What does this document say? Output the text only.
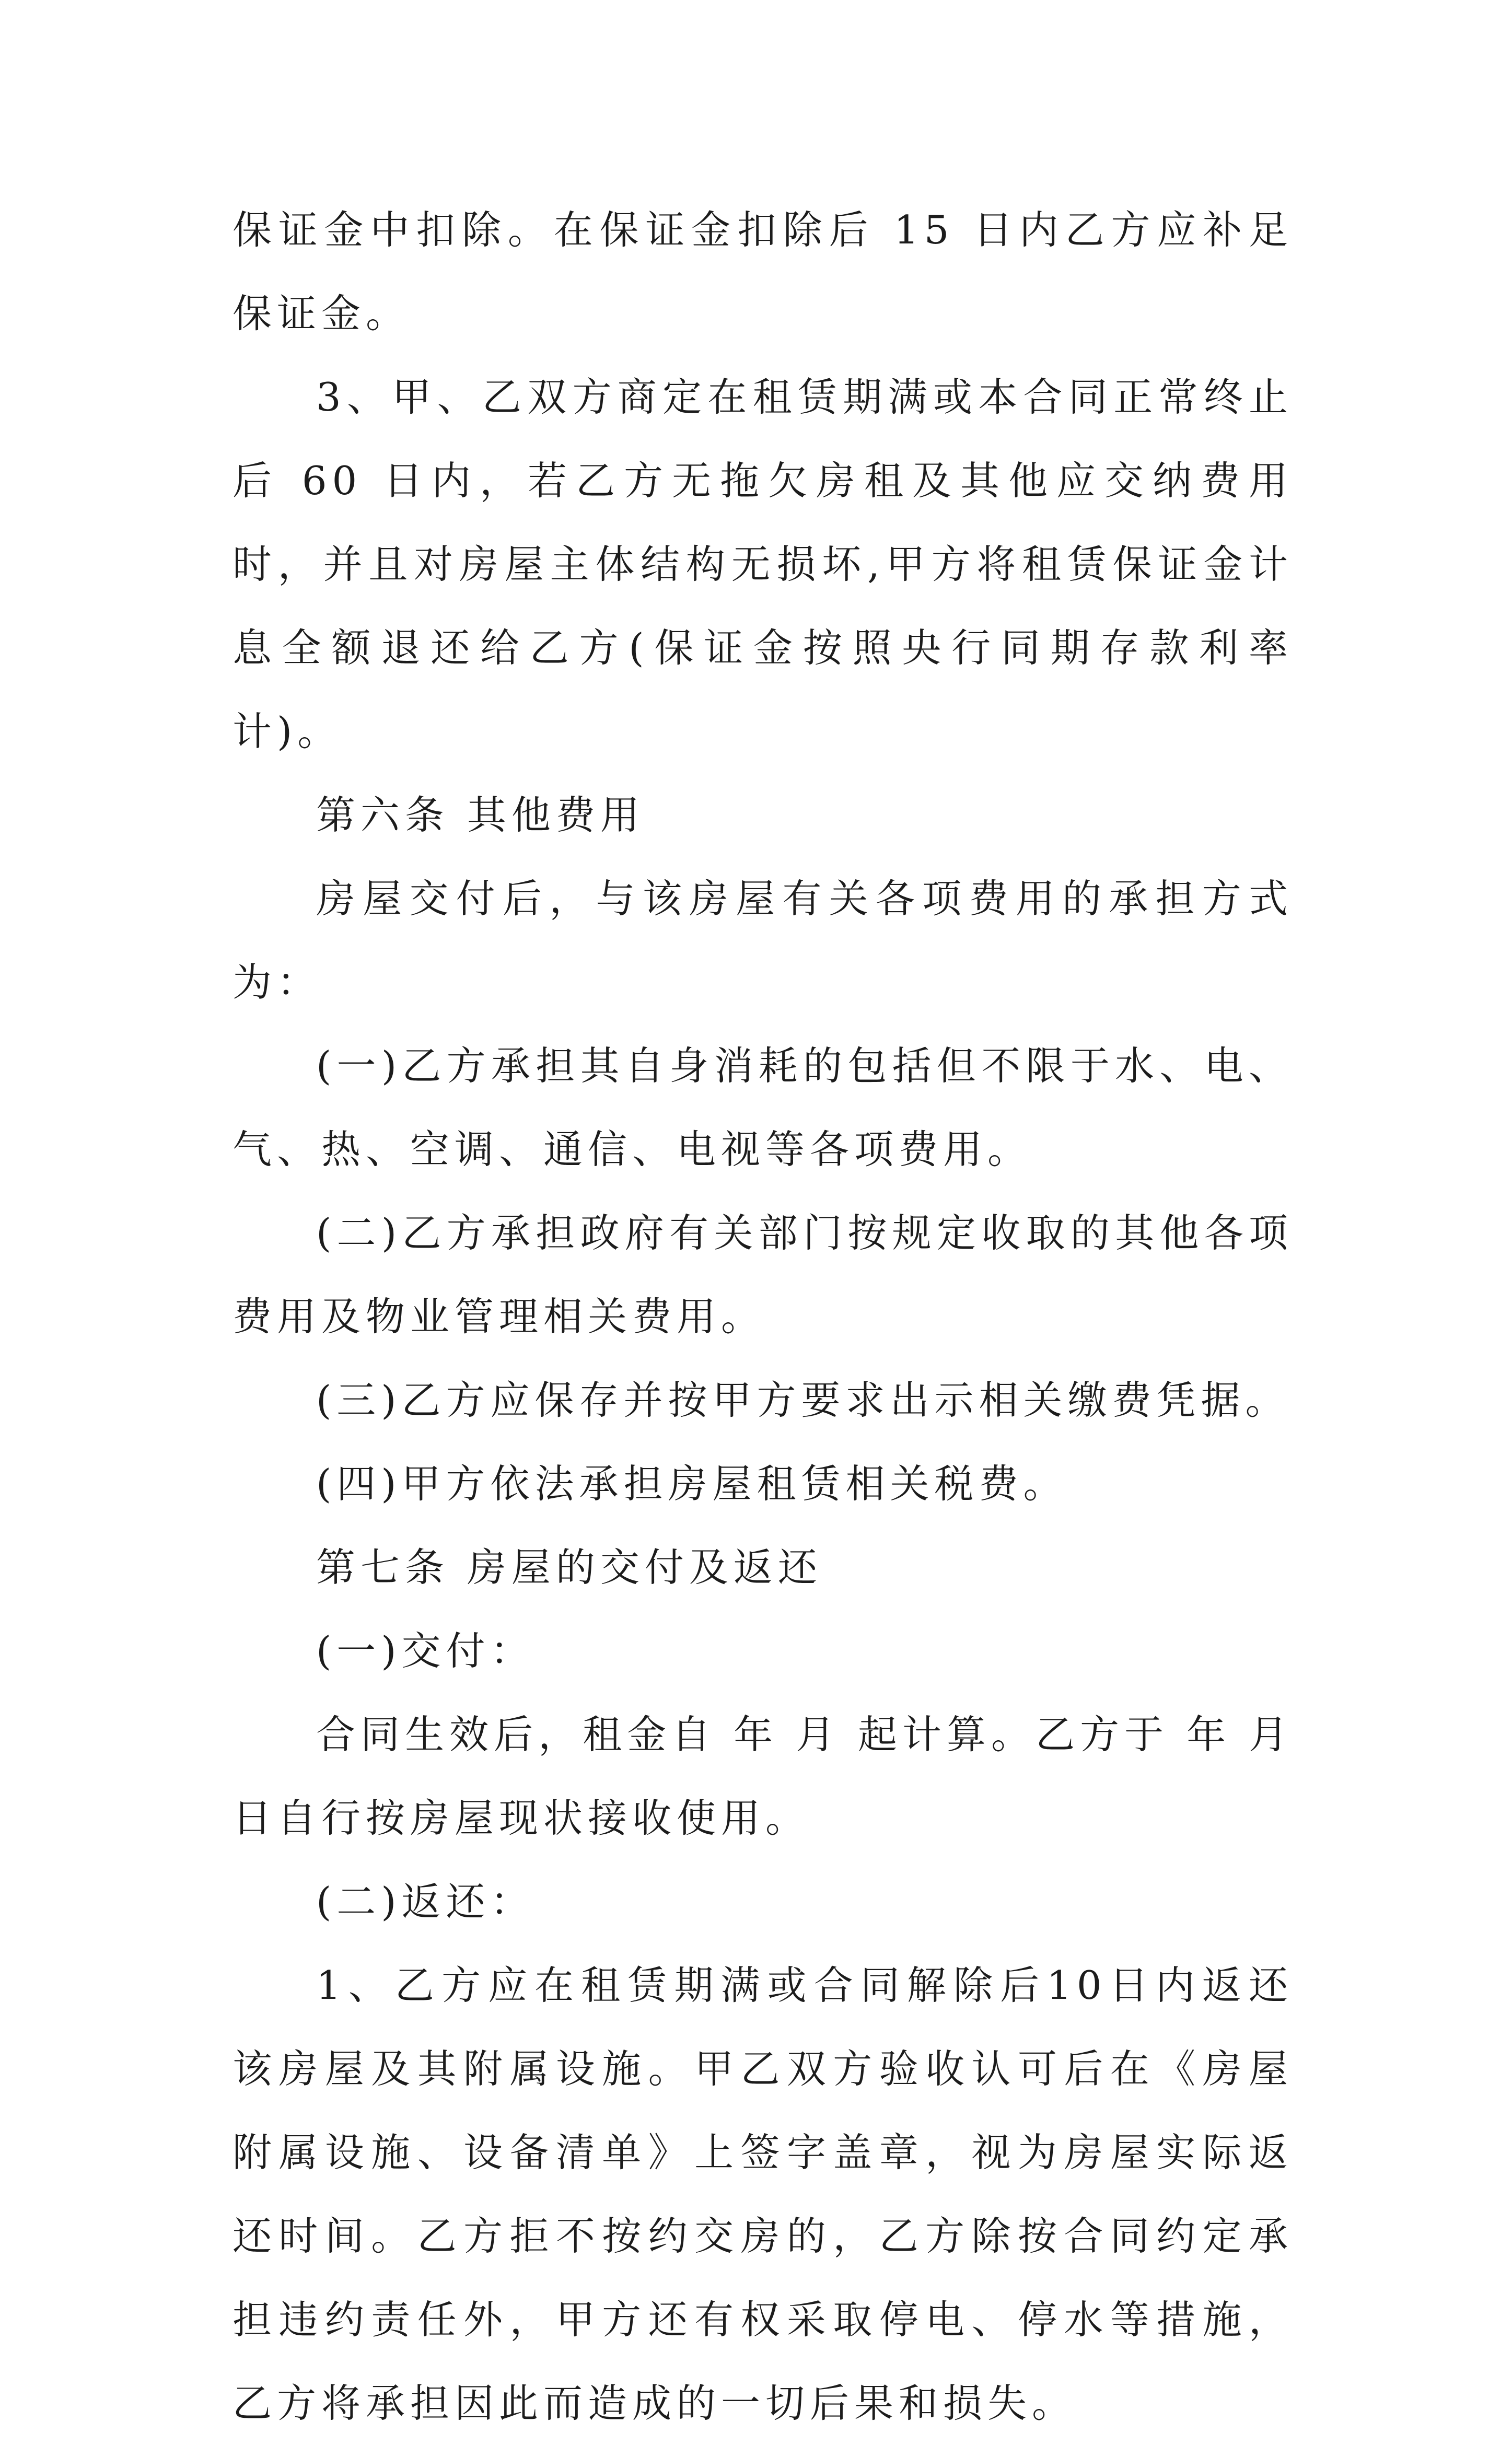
保证金中扣除。在保证金扣除后 15 日内乙方应补足保证金。

3、甲、乙双方商定在租赁期满或本合同正常终止后 60 日内，若乙方无拖欠房租及其他应交纳费用时，并且对房屋主体结构无损坏,甲方将租赁保证金计息全额退还给乙方(保证金按照央行同期存款利率计)。

第六条 其他费用

房屋交付后，与该房屋有关各项费用的承担方式为：

(一)乙方承担其自身消耗的包括但不限于水、电、气、热、空调、通信、电视等各项费用。

(二)乙方承担政府有关部门按规定收取的其他各项费用及物业管理相关费用。

(三)乙方应保存并按甲方要求出示相关缴费凭据。

(四)甲方依法承担房屋租赁相关税费。

第七条 房屋的交付及返还

(一)交付：

合同生效后，租金自 年 月 起计算。乙方于 年 月 日自行按房屋现状接收使用。

(二)返还：

1、乙方应在租赁期满或合同解除后10日内返还该房屋及其附属设施。甲乙双方验收认可后在《房屋附属设施、设备清单》上签字盖章，视为房屋实际返还时间。乙方拒不按约交房的，乙方除按合同约定承担违约责任外，甲方还有权采取停电、停水等措施，乙方将承担因此而造成的一切后果和损失。
